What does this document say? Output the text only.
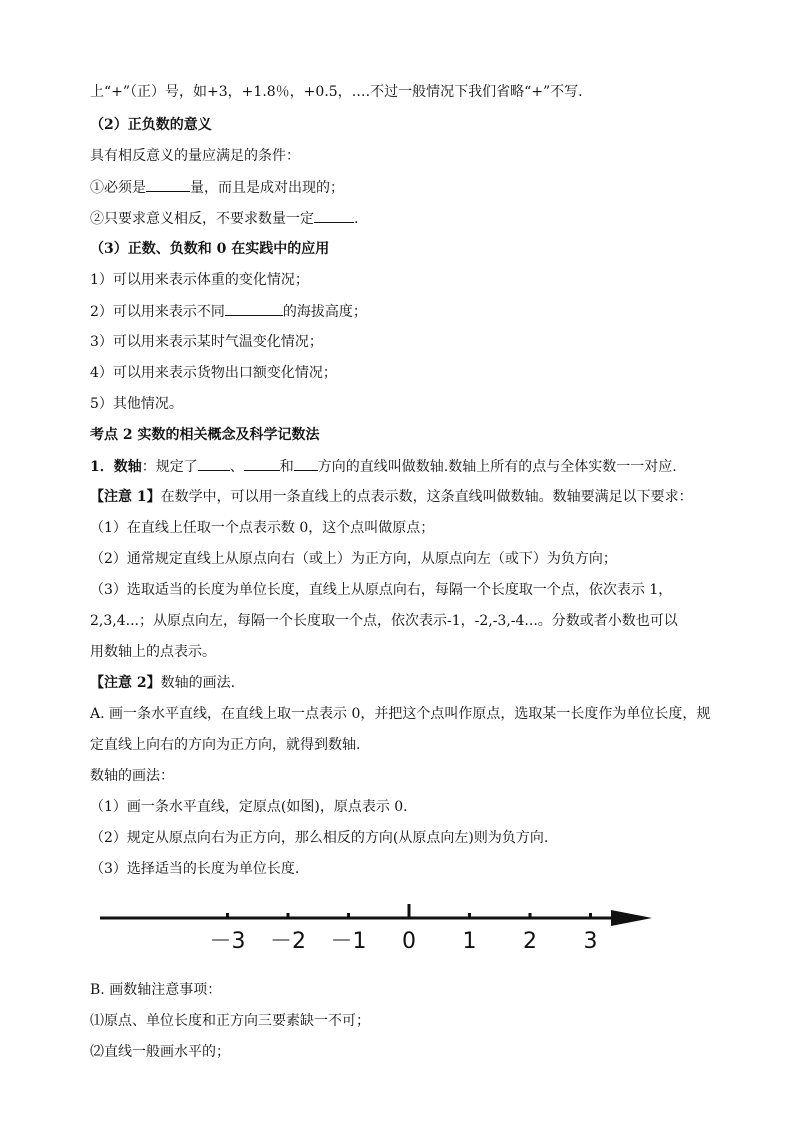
上“+”（正）号，如+3，+1.8％，+0.5，….不过一般情况下我们省略“+”不写.
（2）正负数的意义
具有相反意义的量应满足的条件：
①必须是	量，而且是成对出现的；
②只要求意义相反，不要求数量一定	.
（3）正数、负数和 0 在实践中的应用
1）可以用来表示体重的变化情况；
2）可以用来表示不同	的海拔高度；
3）可以用来表示某时气温变化情况；
4）可以用来表示货物出口额变化情况；
5）其他情况。
考点 2 实数的相关概念及科学记数法
1．数轴：规定了 、	和 方向的直线叫做数轴.数轴上所有的点与全体实数一一对应.
【注意 1】在数学中，可以用一条直线上的点表示数，这条直线叫做数轴。数轴要满足以下要求：
（1）在直线上任取一个点表示数 0，这个点叫做原点；
（2）通常规定直线上从原点向右（或上）为正方向，从原点向左（或下）为负方向；
（3）选取适当的长度为单位长度，直线上从原点向右，每隔一个长度取一个点，依次表示 1，
2,3,4...；从原点向左，每隔一个长度取一个点，依次表示-1，-2,-3,-4...。分数或者小数也可以
用数轴上的点表示。
【注意 2】数轴的画法.
A. 画一条水平直线，在直线上取一点表示 0，并把这个点叫作原点，选取某一长度作为单位长度，规
定直线上向右的方向为正方向，就得到数轴.
数轴的画法：
（1）画一条水平直线，定原点(如图)，原点表示 0.
（2）规定从原点向右为正方向，那么相反的方向(从原点向左)则为负方向.
（3）选择适当的长度为单位长度.
－3 －2 －1 0 1 2 3
B. 画数轴注意事项：
⑴原点、单位长度和正方向三要素缺一不可；
⑵直线一般画水平的；
